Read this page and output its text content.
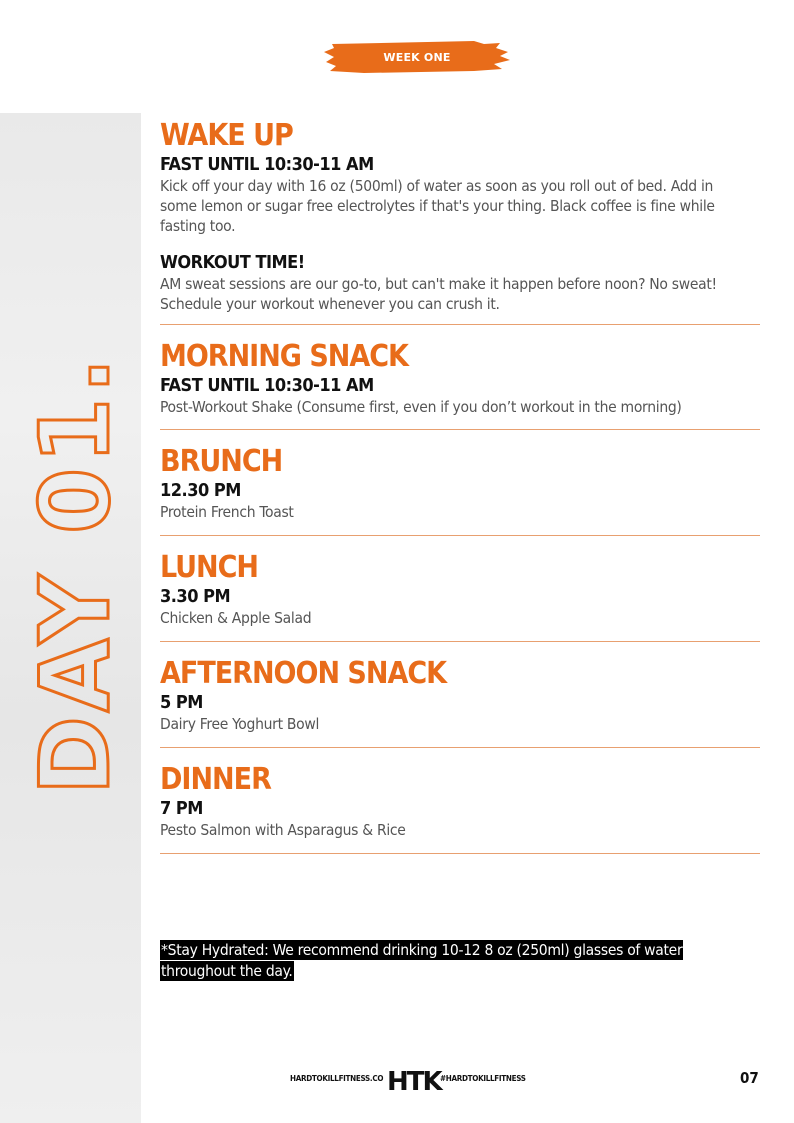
WEEK ONE
DAY 01.
WAKE UP

FAST UNTIL 10:30-11 AM

Kick off your day with 16 oz (500ml) of water as soon as you roll out of bed. Add in some lemon or sugar free electrolytes if that's your thing. Black coffee is fine while fasting too.

WORKOUT TIME!

AM sweat sessions are our go-to, but can't make it happen before noon? No sweat! Schedule your workout whenever you can crush it.

MORNING SNACK

FAST UNTIL 10:30-11 AM

Post-Workout Shake (Consume first, even if you don’t workout in the morning)

BRUNCH

12.30 PM

Protein French Toast

LUNCH

3.30 PM

Chicken & Apple Salad

AFTERNOON SNACK

5 PM

Dairy Free Yoghurt Bowl

DINNER

7 PM

Pesto Salmon with Asparagus & Rice

*Stay Hydrated: We recommend drinking 10-12 8 oz (250ml) glasses of water throughout the day.
HARDTOKILLFITNESS.CO HTK #HARDTOKILLFITNESS	07
